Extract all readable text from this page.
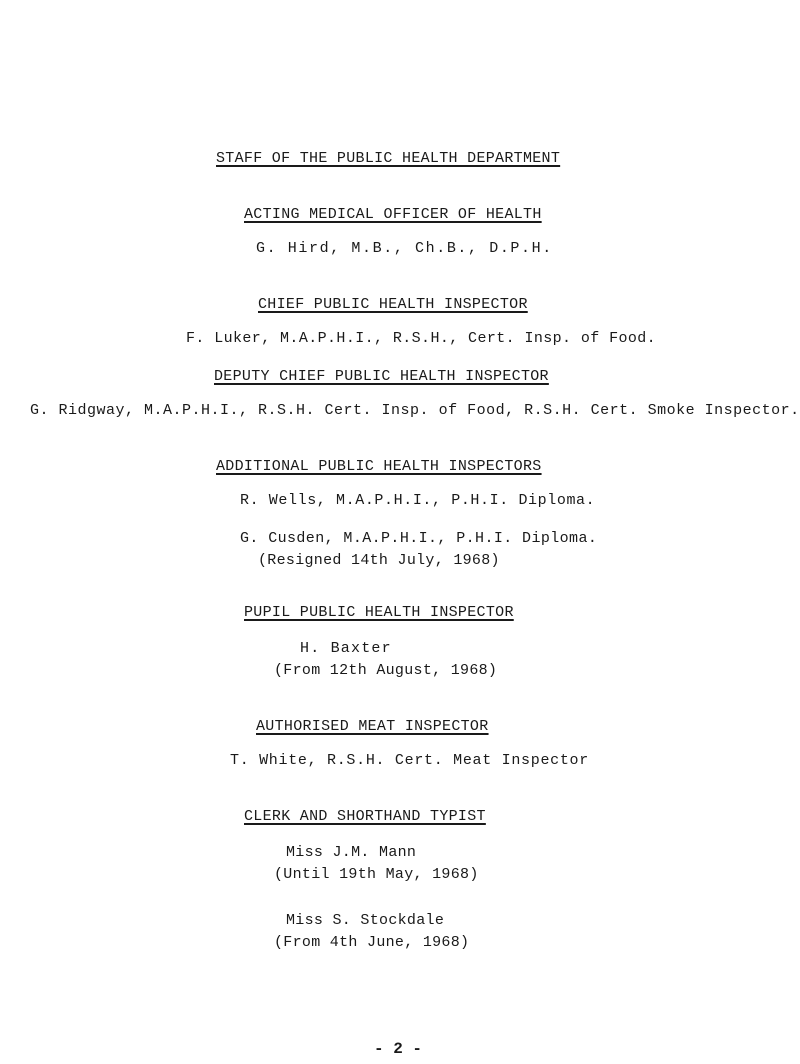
STAFF OF THE PUBLIC HEALTH DEPARTMENT
ACTING MEDICAL OFFICER OF HEALTH
G. Hird, M.B., Ch.B., D.P.H.
CHIEF PUBLIC HEALTH INSPECTOR
F. Luker, M.A.P.H.I., R.S.H., Cert. Insp. of Food.
DEPUTY CHIEF PUBLIC HEALTH INSPECTOR
G. Ridgway, M.A.P.H.I., R.S.H. Cert. Insp. of Food, R.S.H. Cert. Smoke Inspector.
ADDITIONAL PUBLIC HEALTH INSPECTORS
R. Wells, M.A.P.H.I., P.H.I. Diploma.
G. Cusden, M.A.P.H.I., P.H.I. Diploma.
(Resigned 14th July, 1968)
PUPIL PUBLIC HEALTH INSPECTOR
H. Baxter
(From 12th August, 1968)
AUTHORISED MEAT INSPECTOR
T. White, R.S.H. Cert. Meat Inspector
CLERK AND SHORTHAND TYPIST
Miss J.M. Mann
(Until 19th May, 1968)
Miss S. Stockdale
(From 4th June, 1968)
- 2 -
